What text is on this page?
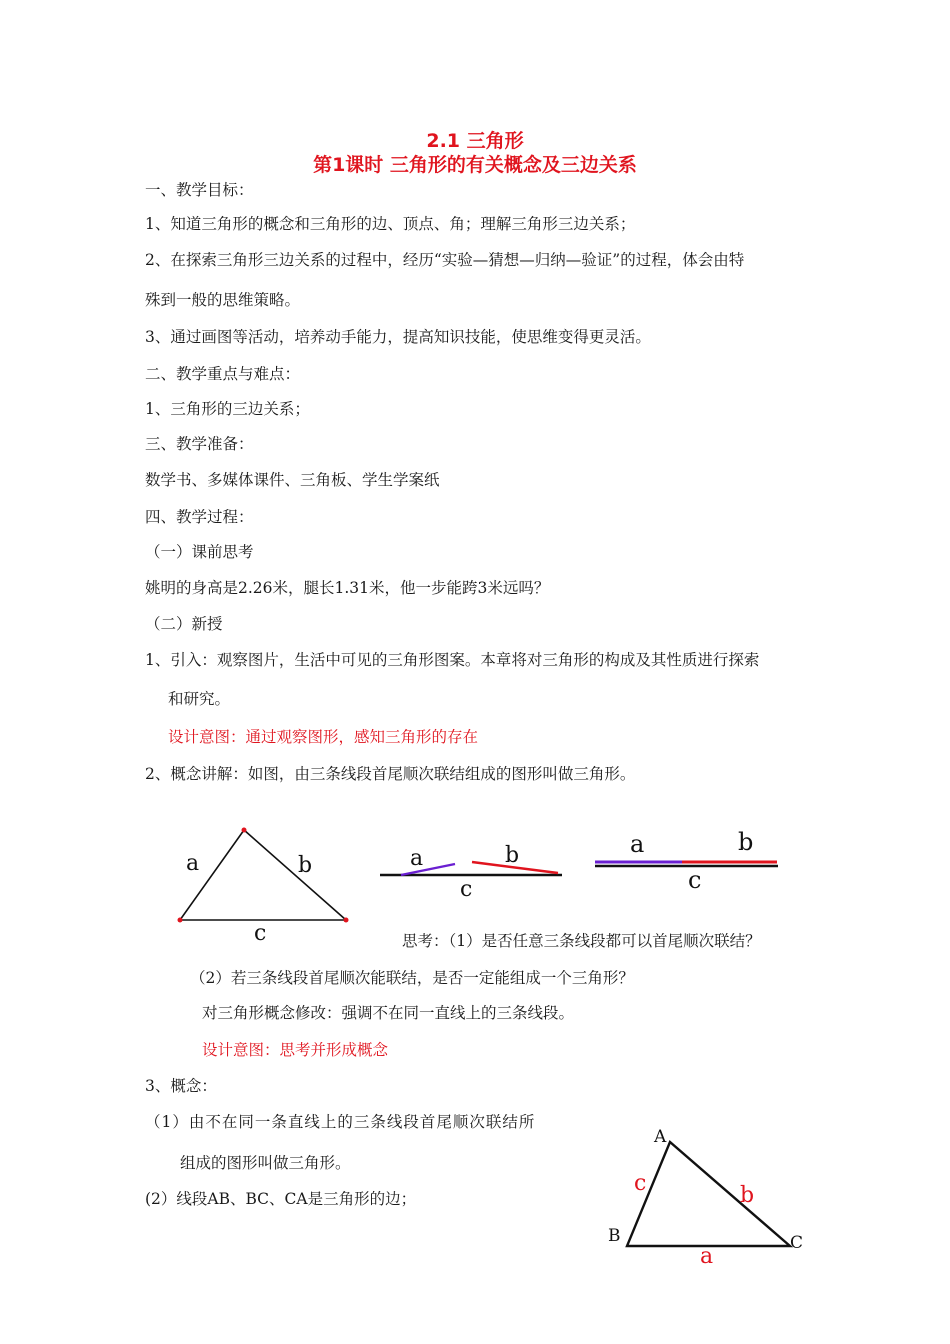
2.1 三角形
第1课时 三角形的有关概念及三边关系
一、教学目标：
1、知道三角形的概念和三角形的边、顶点、角；理解三角形三边关系；
2、在探索三角形三边关系的过程中，经历“实验—猜想—归纳—验证”的过程，体会由特
殊到一般的思维策略。
3、通过画图等活动，培养动手能力，提高知识技能，使思维变得更灵活。
二、教学重点与难点：
1、三角形的三边关系；
三、教学准备：
数学书、多媒体课件、三角板、学生学案纸
四、教学过程：
（一）课前思考
姚明的身高是2.26米，腿长1.31米，他一步能跨3米远吗？
（二）新授
1、引入：观察图片，生活中可见的三角形图案。本章将对三角形的构成及其性质进行探索
和研究。
设计意图：通过观察图形，感知三角形的存在
2、概念讲解：如图，由三条线段首尾顺次联结组成的图形叫做三角形。
a	b
c
a	b
c
a	b
c
思考：（1）是否任意三条线段都可以首尾顺次联结？
（2）若三条线段首尾顺次能联结，是否一定能组成一个三角形？
对三角形概念修改：强调不在同一直线上的三条线段。
设计意图：思考并形成概念
3、概念：
（1）由不在同一条直线上的三条线段首尾顺次联结所
组成的图形叫做三角形。
(2）线段AB、BC、CA是三角形的边；
A
B	C
c	b
a
